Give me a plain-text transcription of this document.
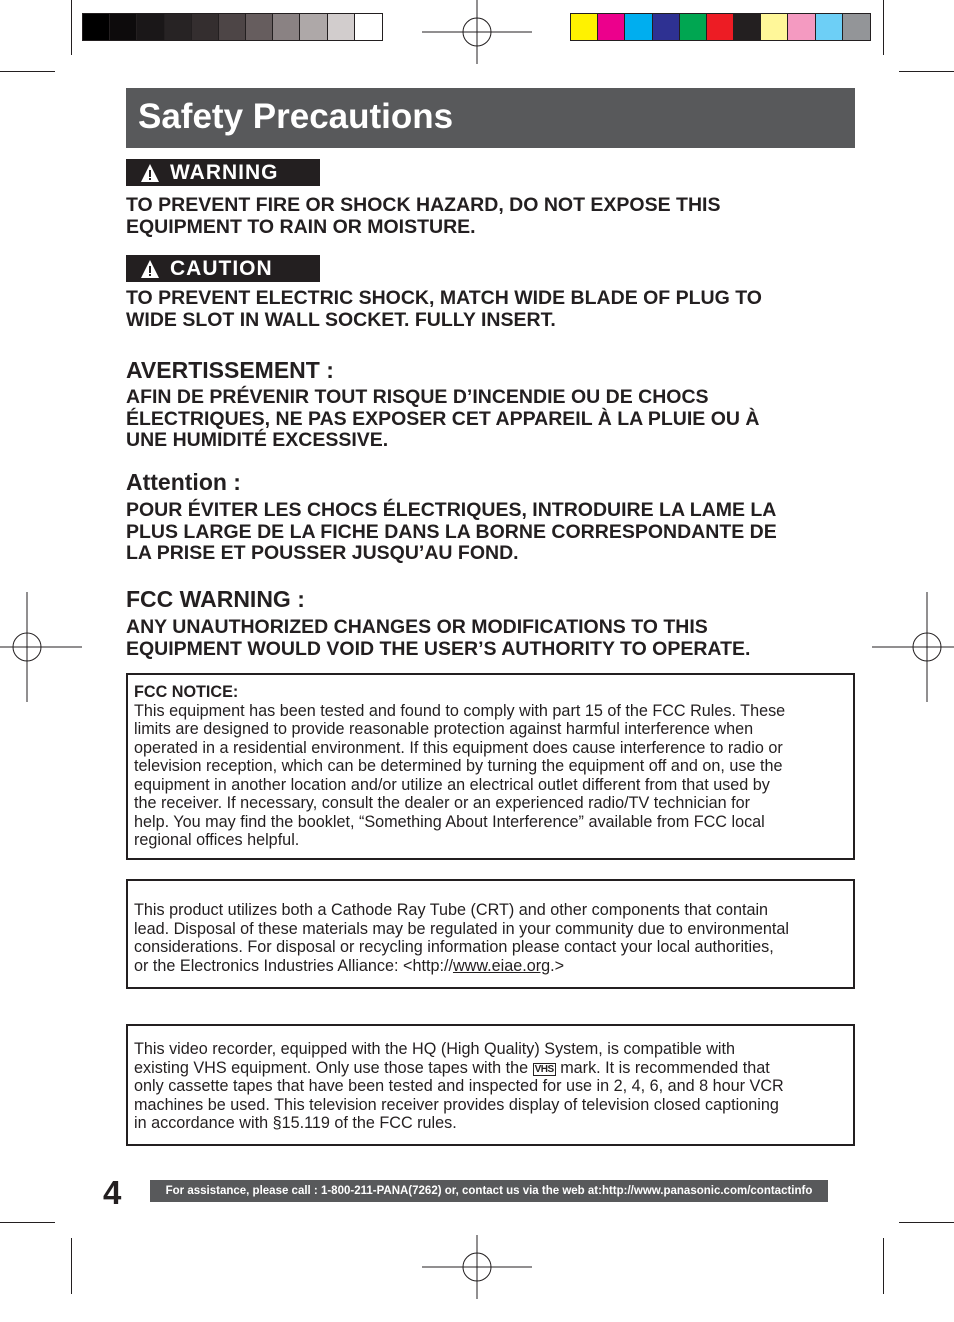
Safety Precautions
WARNING
TO PREVENT FIRE OR SHOCK HAZARD, DO NOT EXPOSE THIS
EQUIPMENT TO RAIN OR MOISTURE.
CAUTION
TO PREVENT ELECTRIC SHOCK, MATCH WIDE BLADE OF PLUG TO
WIDE SLOT IN WALL SOCKET. FULLY INSERT.
AVERTISSEMENT :
AFIN DE PRÉVENIR TOUT RISQUE D’INCENDIE OU DE CHOCS
ÉLECTRIQUES, NE PAS EXPOSER CET APPAREIL À LA PLUIE OU À
UNE HUMIDITÉ EXCESSIVE.
Attention :
POUR ÉVITER LES CHOCS ÉLECTRIQUES, INTRODUIRE LA LAME LA
PLUS LARGE DE LA FICHE DANS LA BORNE CORRESPONDANTE DE
LA PRISE ET POUSSER JUSQU’AU FOND.
FCC WARNING :
ANY UNAUTHORIZED CHANGES OR MODIFICATIONS TO THIS
EQUIPMENT WOULD VOID THE USER’S AUTHORITY TO OPERATE.
FCC NOTICE:
This equipment has been tested and found to comply with part 15 of the FCC Rules. These
limits are designed to provide reasonable protection against harmful interference when
operated in a residential environment. If this equipment does cause interference to radio or
television reception, which can be determined by turning the equipment off and on, use the
equipment in another location and/or utilize an electrical outlet different from that used by
the receiver. If necessary, consult the dealer or an experienced radio/TV technician for
help. You may find the booklet, “Something About Interference” available from FCC local
regional offices helpful.
This product utilizes both a Cathode Ray Tube (CRT) and other components that contain
lead. Disposal of these materials may be regulated in your community due to environmental
considerations. For disposal or recycling information please contact your local authorities,
or the Electronics Industries Alliance: <http://www.eiae.org.>
This video recorder, equipped with the HQ (High Quality) System, is compatible with
existing VHS equipment. Only use those tapes with the VHS mark. It is recommended that
only cassette tapes that have been tested and inspected for use in 2, 4, 6, and 8 hour VCR
machines be used. This television receiver provides display of television closed captioning
in accordance with §15.119 of the FCC rules.
4	For assistance, please call : 1-800-211-PANA(7262) or, contact us via the web at:http://www.panasonic.com/contactinfo
